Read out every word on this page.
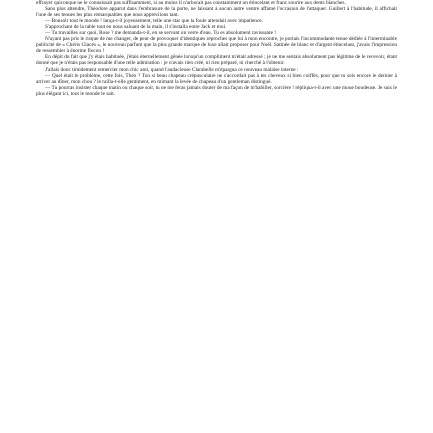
effrayer quiconque ne le connaissait pas suffisamment, si au moins il n'arborait pas constamment un étincelant et franc sourire aux dents blanches.

Sans plus attendre, Théodore apparut dans l'embrasure de la porte, ne laissant à aucun autre ventre affamé l'occasion de l'attaquer. Guillert à l'habitude, il affichait l'une de ses tenues les plus remarquables que nous appréciions tant.

— Bonsoir tout le monde ! lança-t-il joyeusement, telle une star que la foule attendait avec impatience.

S'approchant de la table tout en nous saluant de la main, il s'installa entre Jack et moi.

— Tu travailles sur quoi, Rose ? me demanda-t-il, en se servant un verre d'eau. Tu es absolument ravissante !

N'ayant pas pris le risque de me changer, de peur de provoquer d'identiques reproches que lui à mon encontre, je portais l'incommodante tenue dédiée à l'interminable publicité de « Chéris Glacés », le nouveau parfum que la plus grande marque de luxe allait proposer pour Noël. Satinée de blanc et d'argent étincelant, j'avais l'impression de ressembler à énorme flocon !

En dépit du fait que j'y étais habituée, j'étais éternellement gênée lorsqu'un compliment m'était adressé ; je ne me sentais absolument pas légitime de le recevoir, étant donné que je n'étais pas responsable d'une telle admiration : je n'avais rien créé, ni rien préparé, ni cherché à l'obtenir.

J'allais donc timidement remercier mon chic ami, quand l'audacieuse Clarabelle m'épargna ce nouveau malaise interne :

— Quel était le problème, cette fois, Théo ? Ton si beau chapeau crépusculaire ne s'accordait pas à tes cheveux si bien coiffés, pour que tu sois encore le dernier à arriver au dîner, mon chou ? le railla-t-elle gentiment, en mimant la levée de chapeau d'un gentleman distingué.

— Tu pourras insister chaque matin ou chaque soir, tu ne me feras jamais douter de ma façon de m'habiller, sorcière ! répliqua-t-il avec une moue boudeuse. Je suis le plus élégant ici, tout le monde le sait.
